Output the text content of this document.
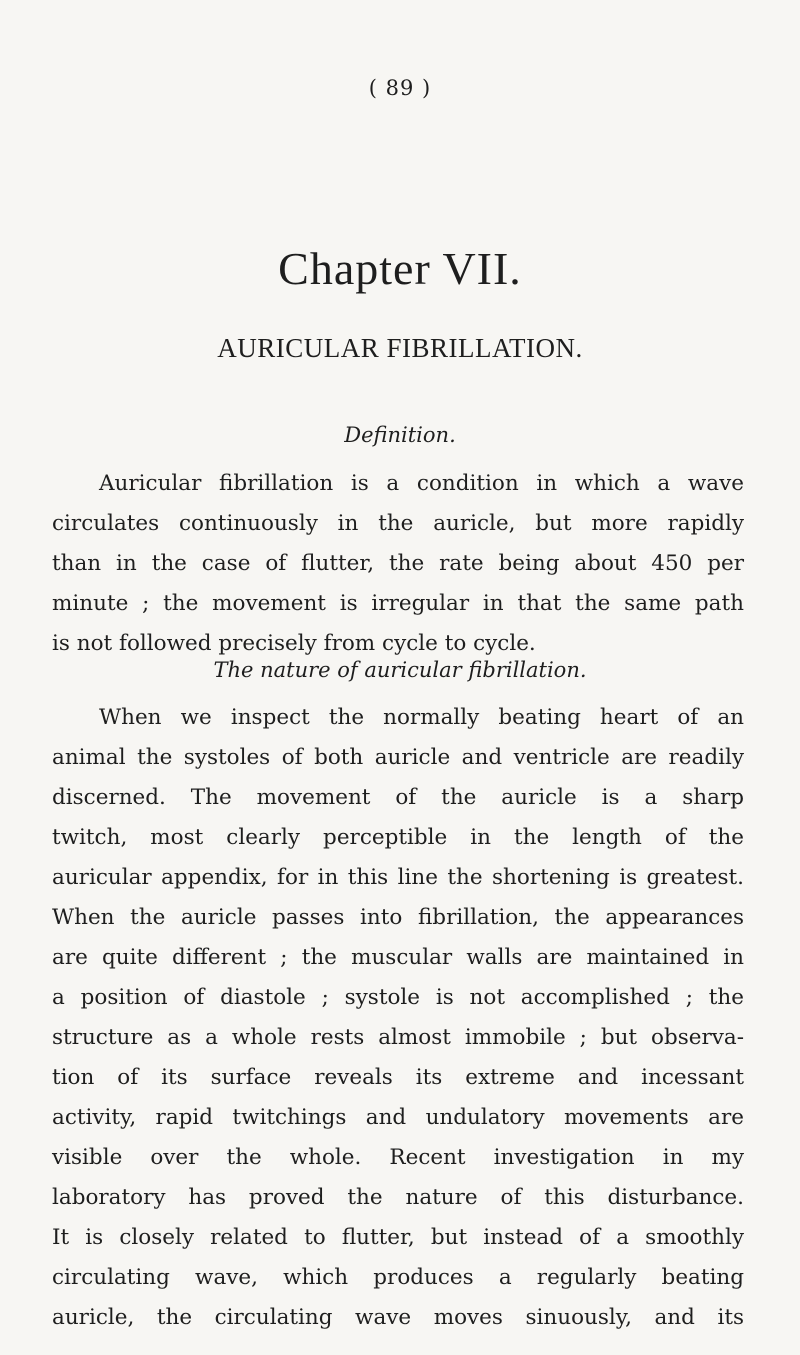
( 89 )
Chapter VII.
AURICULAR FIBRILLATION.
Definition.
Auricular fibrillation is a condition in which a wave
circulates continuously in the auricle, but more rapidly
than in the case of flutter, the rate being about 450 per
minute ; the movement is irregular in that the same path
is not followed precisely from cycle to cycle.
The nature of auricular fibrillation.
When we inspect the normally beating heart of an
animal the systoles of both auricle and ventricle are readily
discerned. The movement of the auricle is a sharp
twitch, most clearly perceptible in the length of the
auricular appendix, for in this line the shortening is greatest.
When the auricle passes into fibrillation, the appearances
are quite different ; the muscular walls are maintained in
a position of diastole ; systole is not accomplished ; the
structure as a whole rests almost immobile ; but observa-
tion of its surface reveals its extreme and incessant
activity, rapid twitchings and undulatory movements are
visible over the whole. Recent investigation in my
laboratory has proved the nature of this disturbance.
It is closely related to flutter, but instead of a smoothly
circulating wave, which produces a regularly beating
auricle, the circulating wave moves sinuously, and its
